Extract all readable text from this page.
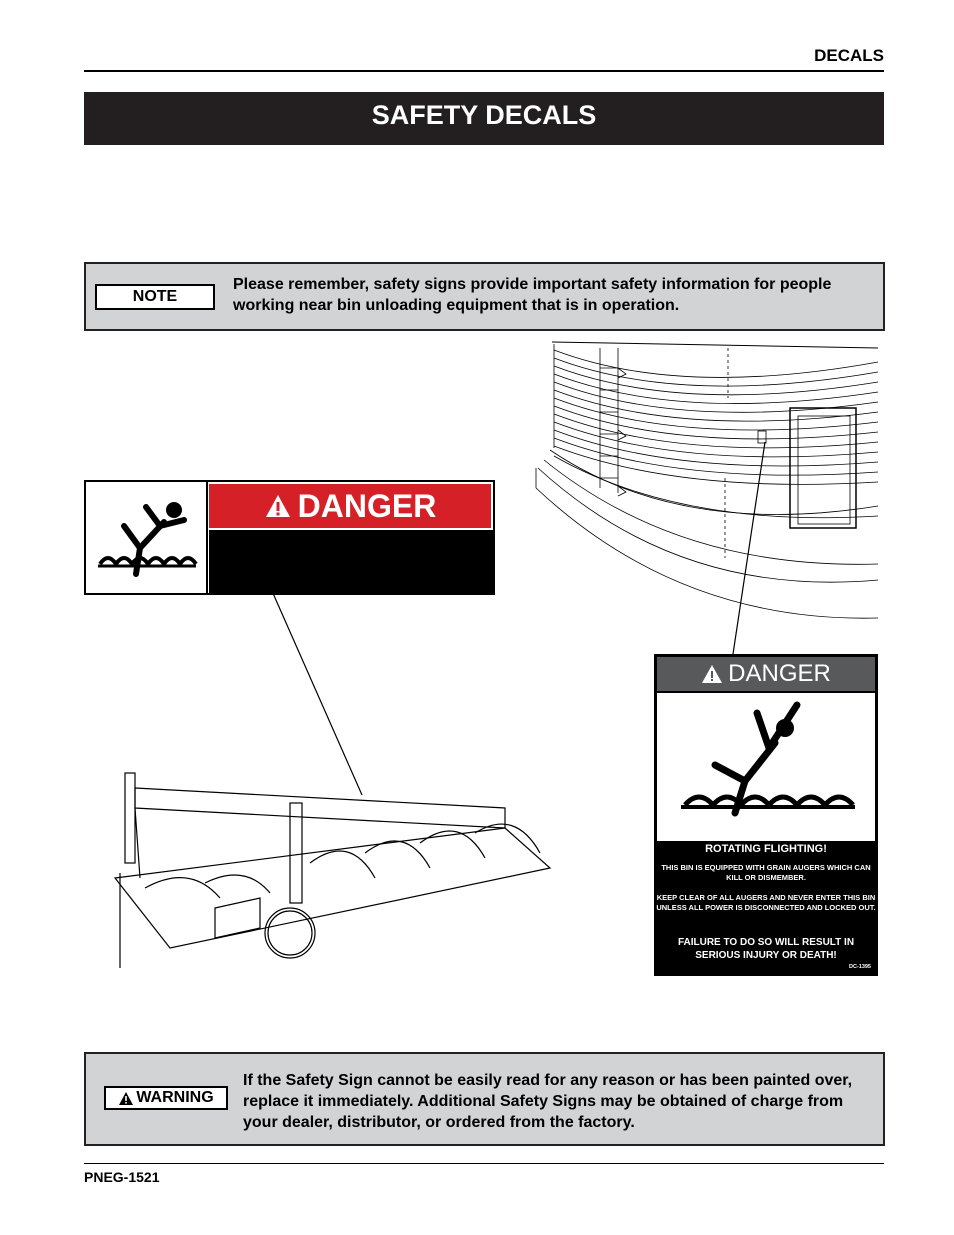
DECALS
SAFETY DECALS
NOTE
Please remember, safety signs provide important safety information for people working near bin unloading equipment that is in operation.
DANGER
DANGER
ROTATING FLIGHTING!
THIS BIN IS EQUIPPED WITH GRAIN AUGERS WHICH CAN KILL OR DISMEMBER.
KEEP CLEAR OF ALL AUGERS AND NEVER ENTER THIS BIN UNLESS ALL POWER IS DISCONNECTED AND LOCKED OUT.
FAILURE TO DO SO WILL RESULT IN SERIOUS INJURY OR DEATH!
DC-1395
WARNING
If the Safety Sign cannot be easily read for any reason or has been painted over, replace it immediately. Additional Safety Signs may be obtained of charge from your dealer, distributor, or ordered from the factory.
PNEG-1521
